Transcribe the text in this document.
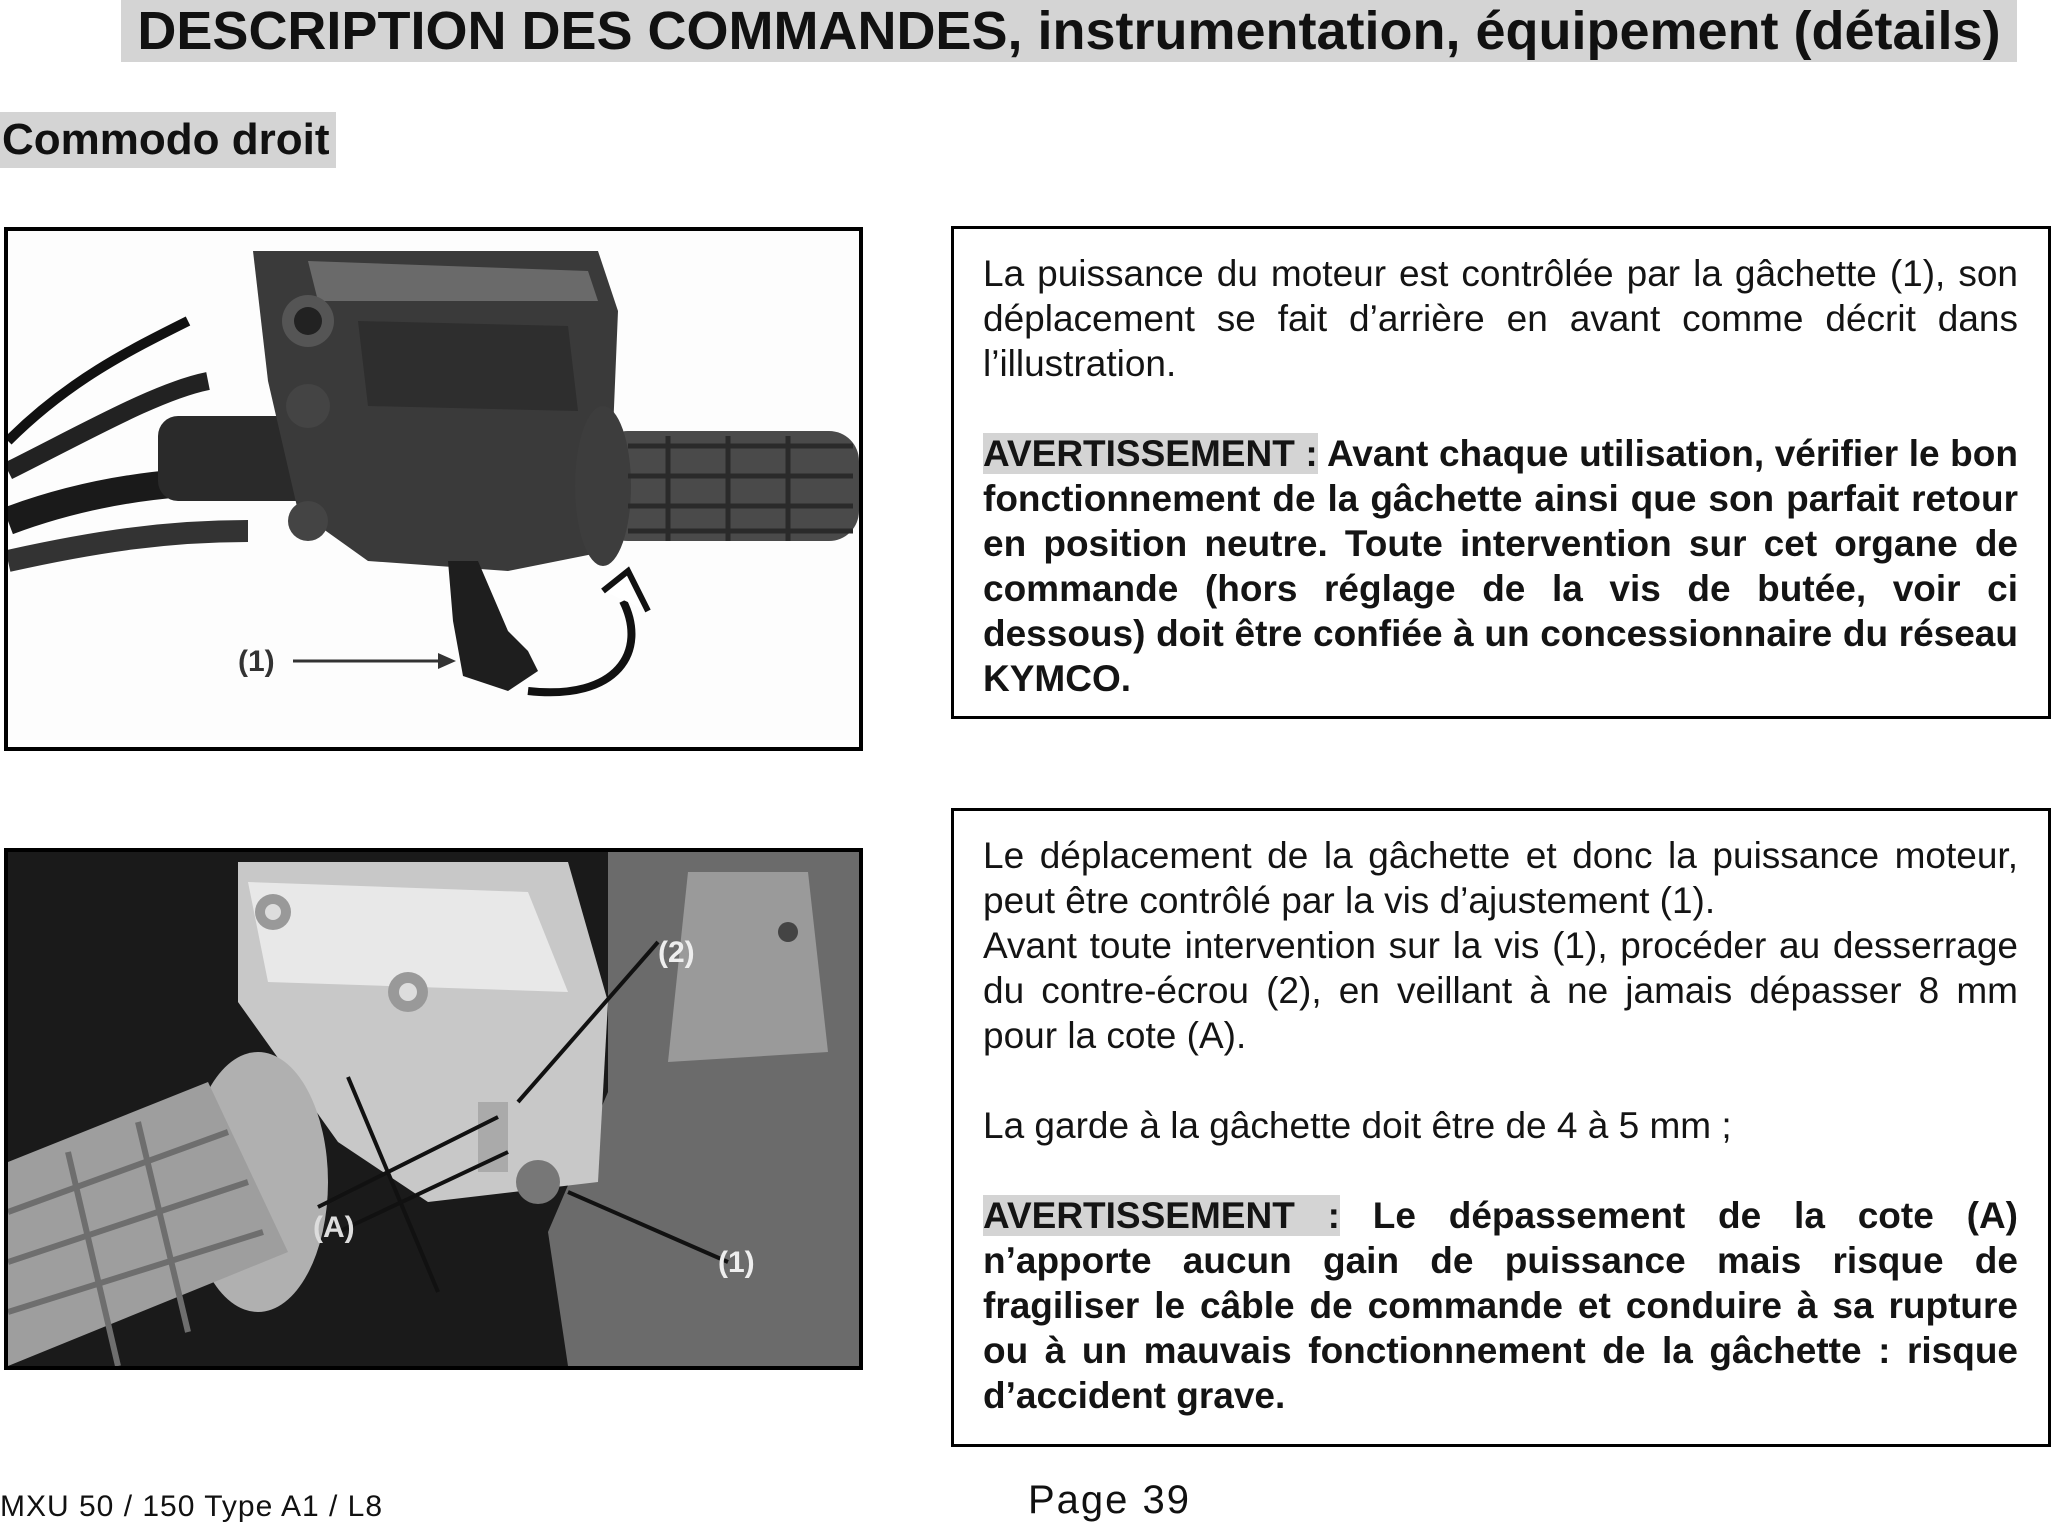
DESCRIPTION DES COMMANDES, instrumentation, équipement (détails)
Commodo droit
(1)
(2)
(1)
(A)

La puissance du moteur est contrôlée par la gâchette (1), son déplacement se fait d’arrière en avant comme décrit dans l’illustration.

AVERTISSEMENT : Avant chaque utilisation, vérifier le bon fonctionnement de la gâchette ainsi que son parfait retour en position neutre. Toute intervention sur cet organe de commande (hors réglage de la vis de butée, voir ci dessous) doit être confiée à un concessionnaire du réseau KYMCO.

Le déplacement de la gâchette et donc la puissance moteur, peut être contrôlé par la vis d’ajustement (1).

Avant toute intervention sur la vis (1), procéder au desserrage du contre-écrou (2), en veillant à ne jamais dépasser 8 mm pour la cote (A).

La garde à la gâchette doit être de 4 à 5 mm ;

AVERTISSEMENT : Le dépassement de la cote (A) n’apporte aucun gain de puissance mais risque de fragiliser le câble de commande et conduire à sa rupture ou à un mauvais fonctionnement de la gâchette : risque d’accident grave.

MXU 50 / 150 Type A1 / L8	Page 39
